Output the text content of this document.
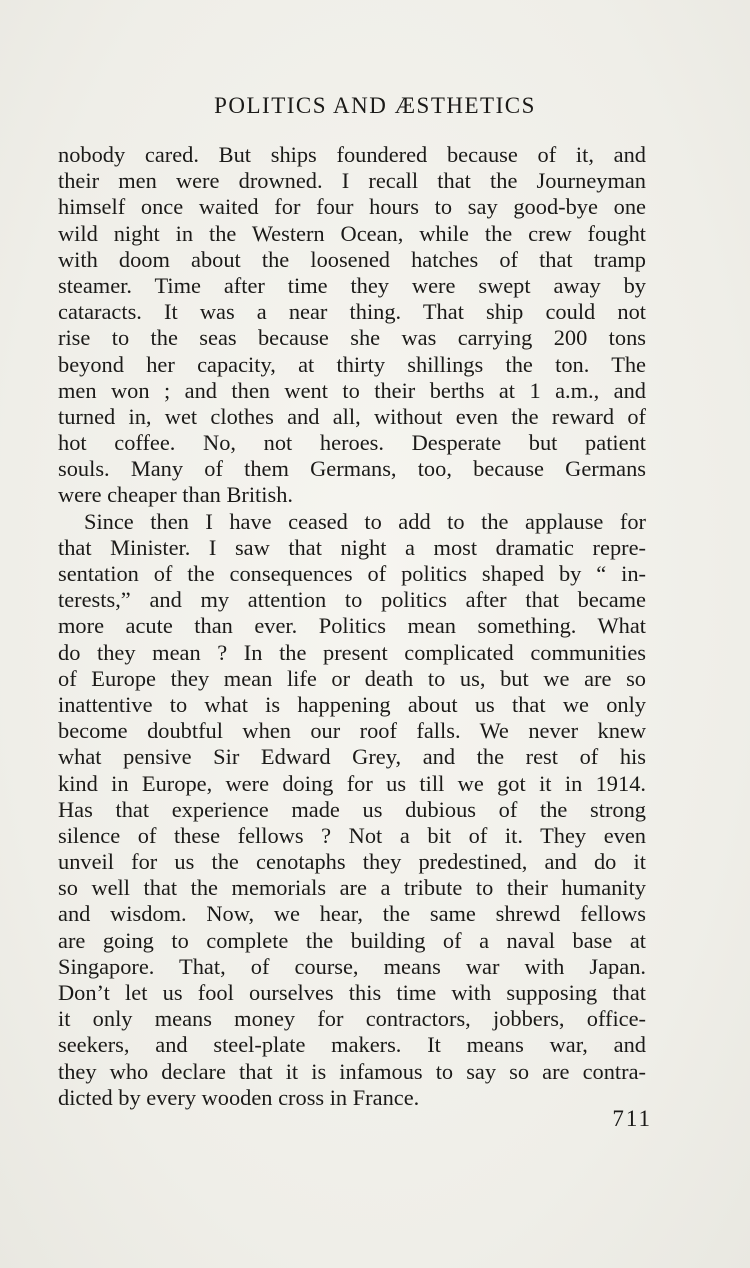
POLITICS AND ÆSTHETICS
nobody cared. But ships foundered because of it, and
their men were drowned. I recall that the Journeyman
himself once waited for four hours to say good-bye one
wild night in the Western Ocean, while the crew fought
with doom about the loosened hatches of that tramp
steamer. Time after time they were swept away by
cataracts. It was a near thing. That ship could not
rise to the seas because she was carrying 200 tons
beyond her capacity, at thirty shillings the ton. The
men won ; and then went to their berths at 1 a.m., and
turned in, wet clothes and all, without even the reward of
hot coffee. No, not heroes. Desperate but patient
souls. Many of them Germans, too, because Germans
were cheaper than British.
Since then I have ceased to add to the applause for
that Minister. I saw that night a most dramatic repre-
sentation of the consequences of politics shaped by “ in-
terests,” and my attention to politics after that became
more acute than ever. Politics mean something. What
do they mean ? In the present complicated communities
of Europe they mean life or death to us, but we are so
inattentive to what is happening about us that we only
become doubtful when our roof falls. We never knew
what pensive Sir Edward Grey, and the rest of his
kind in Europe, were doing for us till we got it in 1914.
Has that experience made us dubious of the strong
silence of these fellows ? Not a bit of it. They even
unveil for us the cenotaphs they predestined, and do it
so well that the memorials are a tribute to their humanity
and wisdom. Now, we hear, the same shrewd fellows
are going to complete the building of a naval base at
Singapore. That, of course, means war with Japan.
Don’t let us fool ourselves this time with supposing that
it only means money for contractors, jobbers, office-
seekers, and steel-plate makers. It means war, and
they who declare that it is infamous to say so are contra-
dicted by every wooden cross in France.
711
